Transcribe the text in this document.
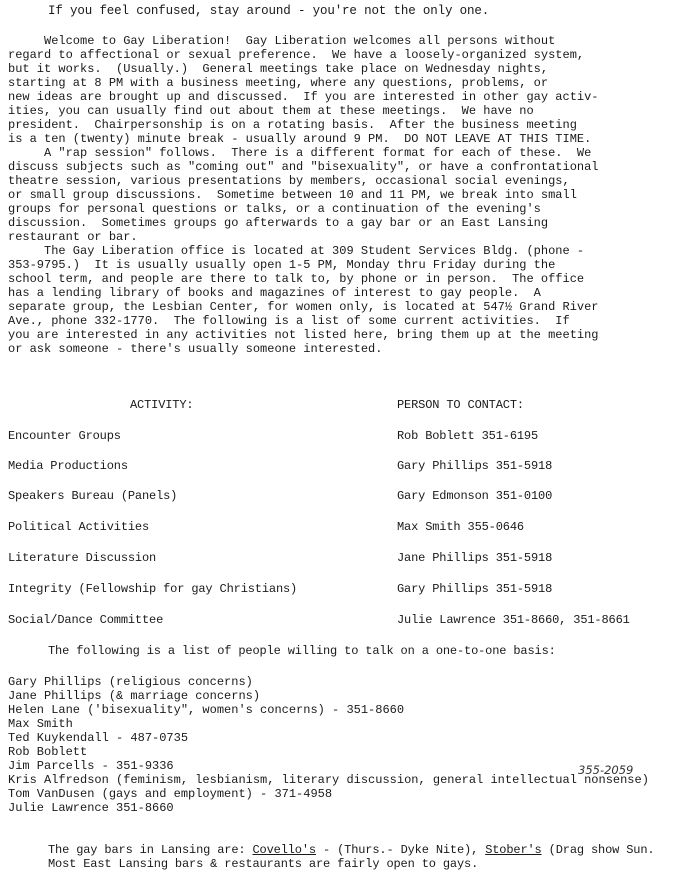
If you feel confused, stay around - you're not the only one.

Welcome to Gay Liberation!  Gay Liberation welcomes all persons without

regard to affectional or sexual preference.  We have a loosely-organized system,

but it works.  (Usually.)  General meetings take place on Wednesday nights,

starting at 8 PM with a business meeting, where any questions, problems, or

new ideas are brought up and discussed.  If you are interested in other gay activ-

ities, you can usually find out about them at these meetings.  We have no

president.  Chairpersonship is on a rotating basis.  After the business meeting

is a ten (twenty) minute break - usually around 9 PM.  DO NOT LEAVE AT THIS TIME.

A "rap session" follows.  There is a different format for each of these.  We

discuss subjects such as "coming out" and "bisexuality", or have a confrontational

theatre session, various presentations by members, occasional social evenings,

or small group discussions.  Sometime between 10 and 11 PM, we break into small

groups for personal questions or talks, or a continuation of the evening's

discussion.  Sometimes groups go afterwards to a gay bar or an East Lansing

restaurant or bar.

The Gay Liberation office is located at 309 Student Services Bldg. (phone -

353-9795.)  It is usually usually open 1-5 PM, Monday thru Friday during the

school term, and people are there to talk to, by phone or in person.  The office

has a lending library of books and magazines of interest to gay people.  A

separate group, the Lesbian Center, for women only, is located at 547½ Grand River

Ave., phone 332-1770.  The following is a list of some current activities.  If

you are interested in any activities not listed here, bring them up at the meeting

or ask someone - there's usually someone interested.

ACTIVITY:	PERSON TO CONTACT:
Encounter Groups	Rob Boblett 351-6195
Media Productions	Gary Phillips 351-5918
Speakers Bureau (Panels)	Gary Edmonson 351-0100
Political Activities	Max Smith 355-0646
Literature Discussion	Jane Phillips 351-5918
Integrity (Fellowship for gay Christians)	Gary Phillips 351-5918
Social/Dance Committee	Julie Lawrence 351-8660, 351-8661
The following is a list of people willing to talk on a one-to-one basis:

Gary Phillips (religious concerns)

Jane Phillips (& marriage concerns)

Helen Lane ('bisexuality", women's concerns) - 351-8660

Max Smith

Ted Kuykendall - 487-0735

Rob Boblett

Jim Parcells - 351-9336

Kris Alfredson (feminism, lesbianism, literary discussion, general intellectual nonsense)

Tom VanDusen (gays and employment) - 371-4958

Julie Lawrence 351-8660

355-2059
The gay bars in Lansing are: Covello's - (Thurs.- Dyke Nite), Stober's (Drag show Sun.
Most East Lansing bars & restaurants are fairly open to gays.
